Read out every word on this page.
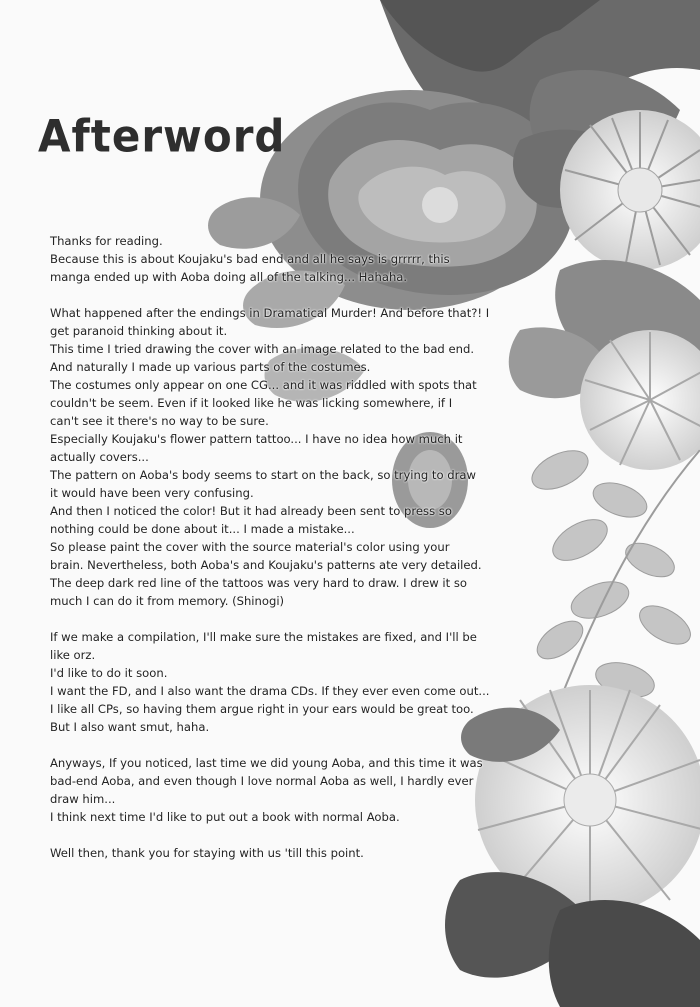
Afterword
Thanks for reading.
Because this is about Koujaku's bad end and all he says is grrrrr, this
manga ended up with Aoba doing all of the talking... Hahaha.
What happened after the endings in Dramatical Murder! And before that?! I
get paranoid thinking about it.
This time I tried drawing the cover with an image related to the bad end.
And naturally I made up various parts of the costumes.
The costumes only appear on one CG... and it was riddled with spots that
couldn't be seem. Even if it looked like he was licking somewhere, if I
can't see it there's no way to be sure.
Especially Koujaku's flower pattern tattoo... I have no idea how much it
actually covers...
The pattern on Aoba's body seems to start on the back, so trying to draw
it would have been very confusing.
And then I noticed the color! But it had already been sent to press so
nothing could be done about it... I made a mistake...
So please paint the cover with the source material's color using your
brain. Nevertheless, both Aoba's and Koujaku's patterns ate very detailed.
The deep dark red line of the tattoos was very hard to draw. I drew it so
much I can do it from memory. (Shinogi)
If we make a compilation, I'll make sure the mistakes are fixed, and I'll be
like orz.
I'd like to do it soon.
I want the FD, and I also want the drama CDs. If they ever even come out...
I like all CPs, so having them argue right in your ears would be great too.
But I also want smut, haha.
Anyways, If you noticed, last time we did young Aoba, and this time it was
bad-end Aoba, and even though I love normal Aoba as well, I hardly ever
draw him...
I think next time I'd like to put out a book with normal Aoba.
Well then, thank you for staying with us 'till this point.
